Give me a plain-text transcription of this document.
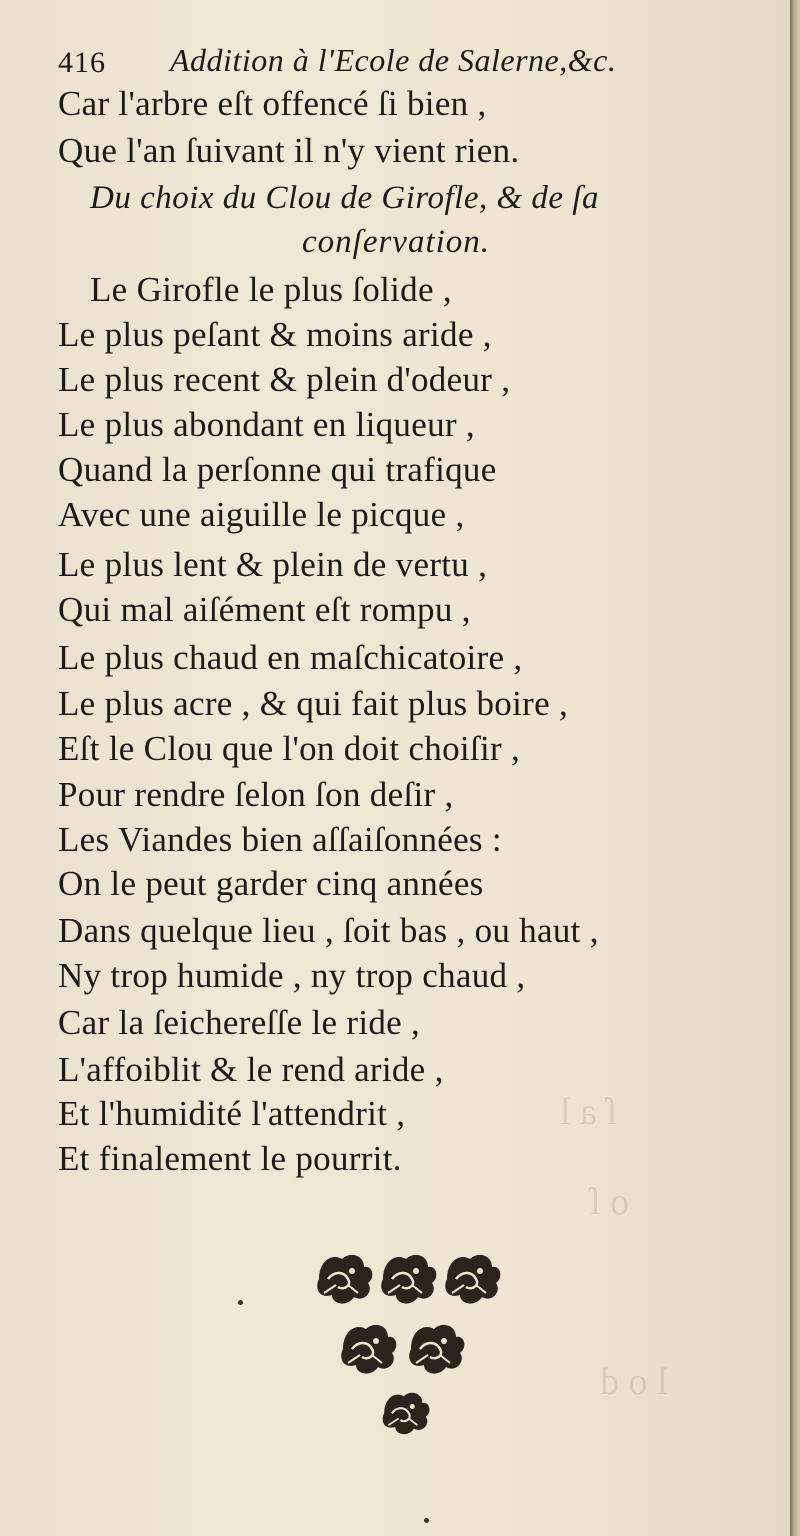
ſ a l
o ſ
l o d
416 Addition à l'Ecole de Salerne,&c.
Car l'arbre eſt offencé ſi bien ,
Que l'an ſuivant il n'y vient rien.
Du choix du Clou de Girofle, & de ſa
conſervation.
Le Girofle le plus ſolide ,
Le plus peſant & moins aride ,
Le plus recent & plein d'odeur ,
Le plus abondant en liqueur ,
Quand la perſonne qui trafique
Avec une aiguille le picque ,
Le plus lent & plein de vertu ,
Qui mal aiſément eſt rompu ,
Le plus chaud en maſchicatoire ,
Le plus acre , & qui fait plus boire ,
Eſt le Clou que l'on doit choiſir ,
Pour rendre ſelon ſon deſir ,
Les Viandes bien aſſaiſonnées :
On le peut garder cinq années
Dans quelque lieu , ſoit bas , ou haut ,
Ny trop humide , ny trop chaud ,
Car la ſeichereſſe le ride ,
L'affoiblit & le rend aride ,
Et l'humidité l'attendrit ,
Et finalement le pourrit.
